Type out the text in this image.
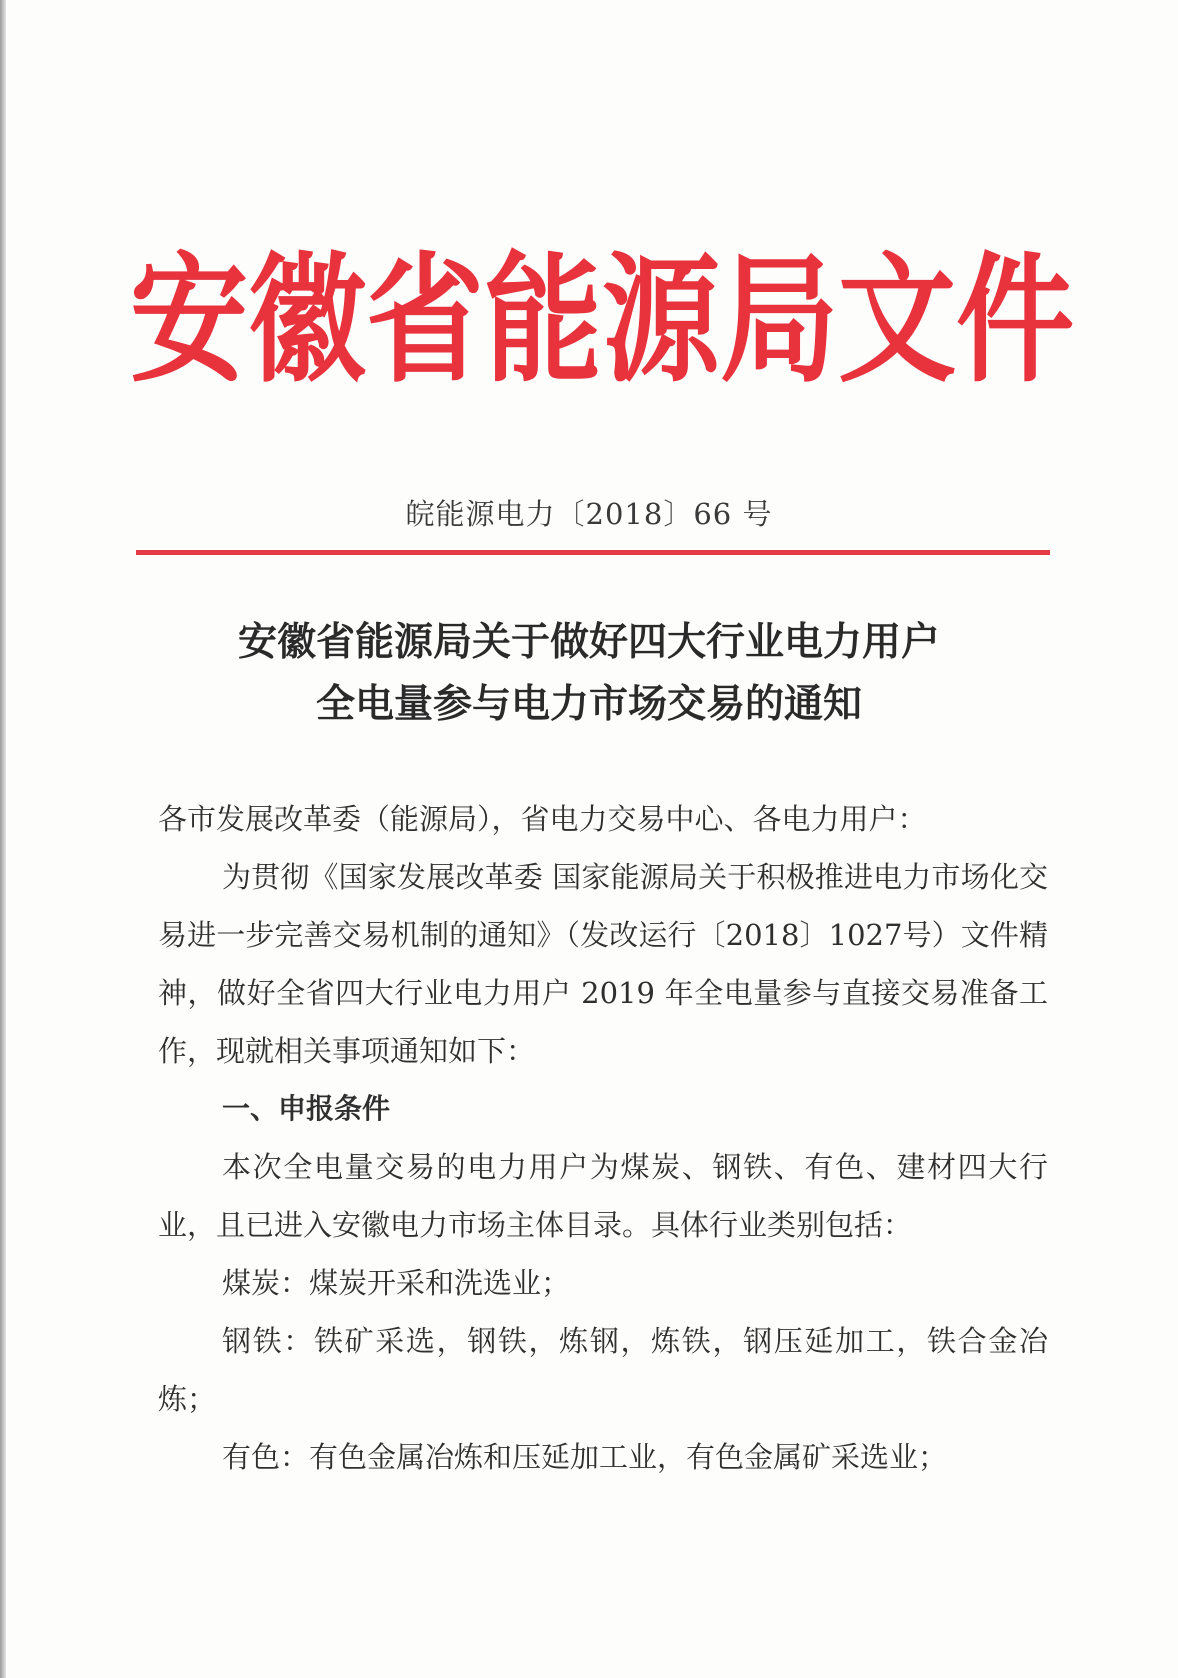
安 徽 省 能 源 局 文 件
皖能源电力〔2018〕66 号
安徽省能源局关于做好四大行业电力用户
全电量参与电力市场交易的通知

各市发展改革委（能源局），省电力交易中心、各电力用户：

为贯彻《国家发展改革委 国家能源局关于积极推进电力市场化交易进一步完善交易机制的通知》（发改运行〔2018〕1027号）文件精神，做好全省四大行业电力用户 2019 年全电量参与直接交易准备工作，现就相关事项通知如下：

一、申报条件

本次全电量交易的电力用户为煤炭、钢铁、有色、建材四大行业，且已进入安徽电力市场主体目录。具体行业类别包括：

煤炭：煤炭开采和洗选业；

钢铁：铁矿采选，钢铁，炼钢，炼铁，钢压延加工，铁合金冶炼；

有色：有色金属冶炼和压延加工业，有色金属矿采选业；
